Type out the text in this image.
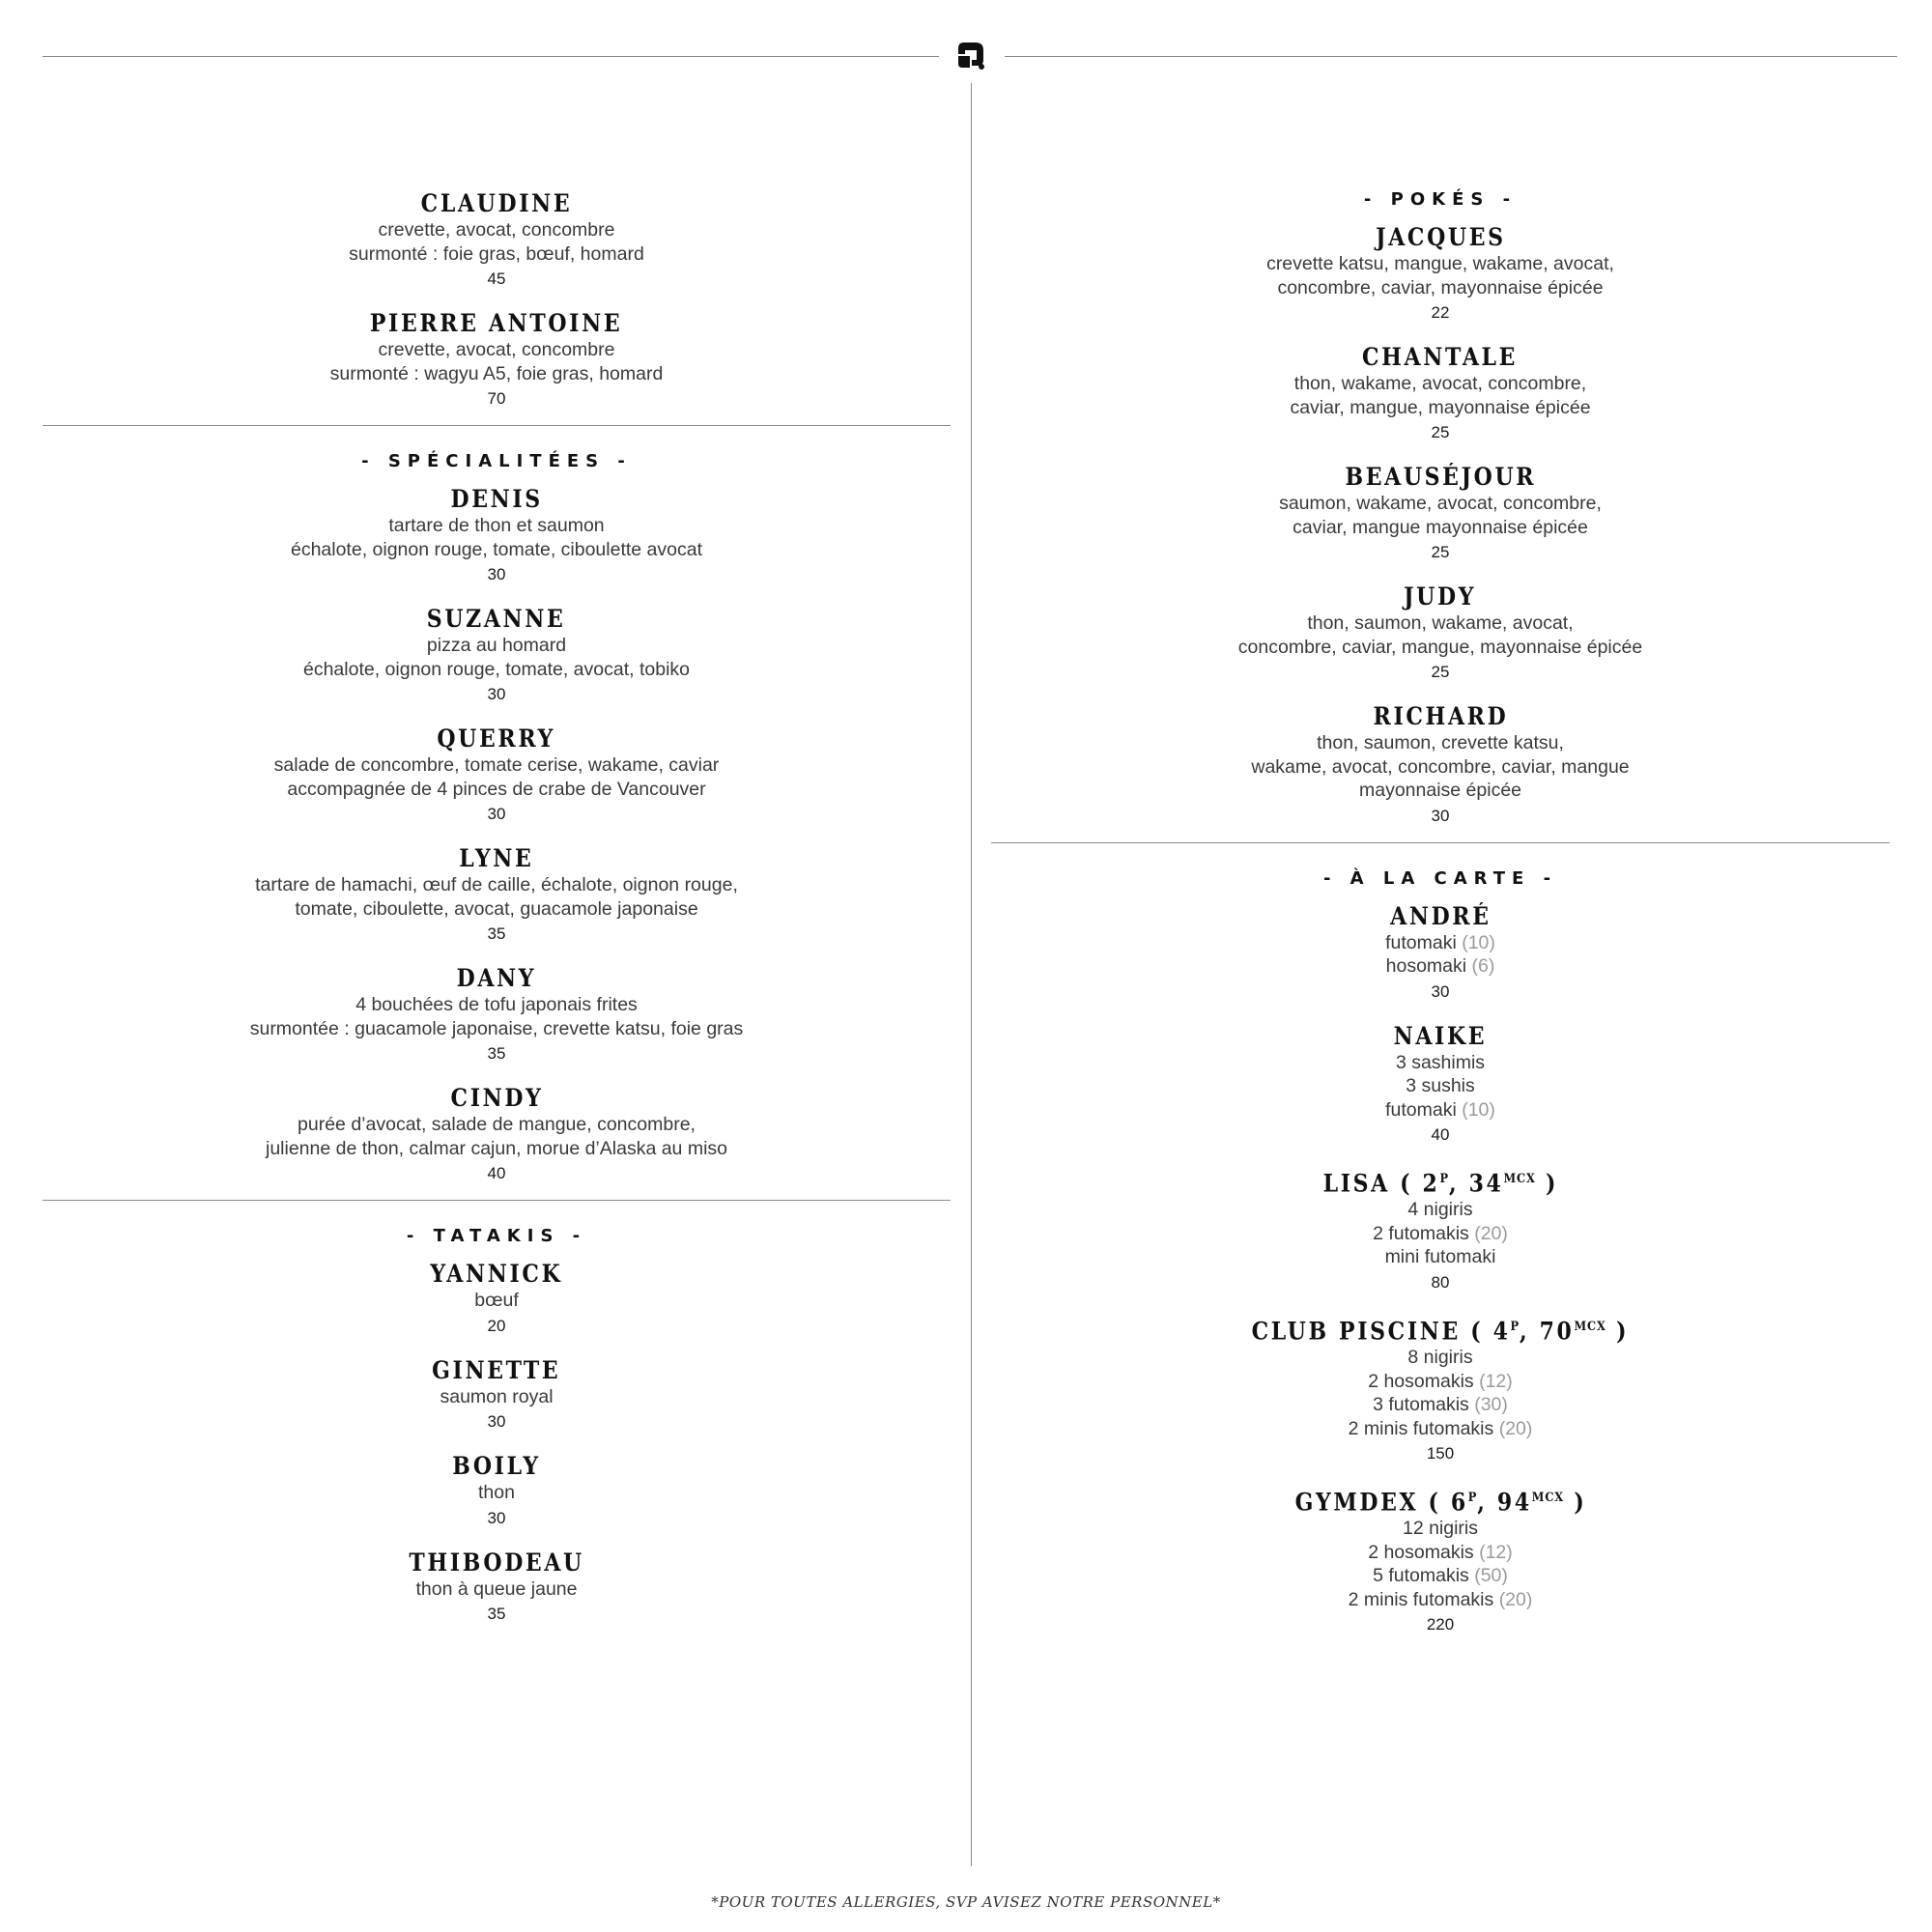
CLAUDINE
crevette, avocat, concombre
surmonté : foie gras, bœuf, homard
45
PIERRE ANTOINE
crevette, avocat, concombre
surmonté : wagyu A5, foie gras, homard
70
- SPÉCIALITÉES -
DENIS
tartare de thon et saumon
échalote, oignon rouge, tomate, ciboulette avocat
30
SUZANNE
pizza au homard
échalote, oignon rouge, tomate, avocat, tobiko
30
QUERRY
salade de concombre, tomate cerise, wakame, caviar
accompagnée de 4 pinces de crabe de Vancouver
30
LYNE
tartare de hamachi, œuf de caille, échalote, oignon rouge,
tomate, ciboulette, avocat, guacamole japonaise
35
DANY
4 bouchées de tofu japonais frites
surmontée : guacamole japonaise, crevette katsu, foie gras
35
CINDY
purée d’avocat, salade de mangue, concombre,
julienne de thon, calmar cajun, morue d’Alaska au miso
40
- TATAKIS -
YANNICK
bœuf
20
GINETTE
saumon royal
30
BOILY
thon
30
THIBODEAU
thon à queue jaune
35
- POKÉS -
JACQUES
crevette katsu, mangue, wakame, avocat,
concombre, caviar, mayonnaise épicée
22
CHANTALE
thon, wakame, avocat, concombre,
caviar, mangue, mayonnaise épicée
25
BEAUSÉJOUR
saumon, wakame, avocat, concombre,
caviar, mangue mayonnaise épicée
25
JUDY
thon, saumon, wakame, avocat,
concombre, caviar, mangue, mayonnaise épicée
25
RICHARD
thon, saumon, crevette katsu,
wakame, avocat, concombre, caviar, mangue
mayonnaise épicée
30
- À LA CARTE -
ANDRÉ
futomaki (10)
hosomaki (6)
30
NAIKE
3 sashimis
3 sushis
futomaki (10)
40
LISA ( $2^P$, $34^{MCX}$ )
4 nigiris
2 futomakis (20)
mini futomaki
80
CLUB PISCINE ( $4^P$, $70^{MCX}$ )
8 nigiris
2 hosomakis (12)
3 futomakis (30)
2 minis futomakis (20)
150
GYMDEX ( $6^P$, $94^{MCX}$ )
12 nigiris
2 hosomakis (12)
5 futomakis (50)
2 minis futomakis (20)
220
*POUR TOUTES ALLERGIES, SVP AVISEZ NOTRE PERSONNEL*
